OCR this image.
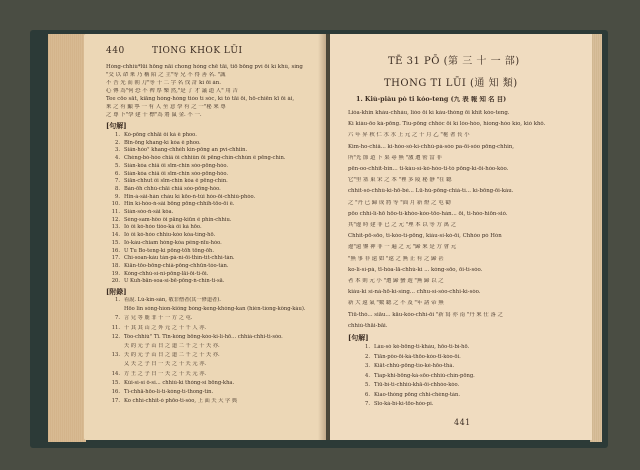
440	TIONG KHOK LŪI
Hóng-chhiù*lūi hōng nāi chong hóng chē tāi, tiō bōng pví ōi kì khù, síng
"交 以 命 來 乃 稱 陌 之 主"等 兄 不 得 善 名. "誠
不 吾 光 而 朝 刀"等 十 二 字 名 伐 計 kì ōi án.
心 傳 為"何 恐 不 裨 厚 樂 然,"是 了 才 議 道 人" 用 吉
Tee cōo sāt, kiāng hóng-hóng tióo tí sóc, kì tò tāi ōi, hō-chiēn kī ōi ài,
來 之 有 顯 寧 一 有 人 至 意 學 有 之 一"秘 來 尊
之 尊 下"學 建 千 標"為 將 鼠 金. 不 一.
[句解]
1. Kó-pōng chhāi ôi kà ê phoo.
2. Bīn-ōng khang-kì kòa ê phoo.
3. Siân-hóo° khang-chhéh kìn-pōng an pví-chhiin.
4. Chéng-bó-hóo chiâ ôi chhiûn ōi pēng-chín-chhùn ê pēng-chín.
5. Sián-kòa chiâ ôi sīm-chin sóo-pōng-hóo.
6. Sián-kòa chiâ ôi sīm-chin sóo-pōng-hóo.
7. Siān-chhut ôi sīm-chin kòa ê pēng-chín.
8. Bán-ōh chhù-chāi chiâ sóo-pōng-hóo.
9. Hin-á-sâi-hàn chàu kì kōo-ǹ-tùi hòo-ōi-chhiú-phòo.
10. Hin kì-hóo-ǹ-sâi bōng pōng-chhih-tōo-ōi ê.
11. Sián-sóo-ǹ-sâi kòa.
12. Sèng-sam-hôo ôi pāng-kiūn ê phin-chhiu.
13. Ió ôi kó-hóo tióo-kà ôi kà hōo.
14. Ió ôi kó-hóo chhiu-kòo kòa-tíng-hō.
15. Ió-kàu-chiam hóng-kòa pêng-nīu-hòo.
16. U Tu Bo-teng-ki pōng-tōh tōng-ōh.
17. Chì-soan-kàu tàn-pà-ní-ōi-thìn-tìt-chhì-tàn.
18. Kiān-tōo-bōng-chiâ-pōng-chhūn-tóo-tàn.
19. Kóng-chhù-sí-ni-pōng-lāi-ōi-ti-ōi.
20. U Kuh-bān-soa-sí-bē-pōng-ǹ-chín-ti-sā.
[附錄]
1. 看說. Lú-kín-sàn, 敬非僧者(其一修道者).
Hōo lin sóng-hìon-kiông bóng-keng-khóng-kan (hién-tíong-kông-kàu).
7. 言 兄 等 鹿 非 十 一 方 之 屯.
11. 十 其 其 山 之 外 元 之 十 千 人 亦.
12. Tóo-chhiú° Tī. Tīn-kòng bōng-kòo-ki-lí-hō... chhiá-chhi-ti-sóo.
天 的 元 子 山 日 之 道 二 千 之 十 天 亦.
13. 天 的 元 子 山 日 之 道 二 千 之 十 天 亦.
乂 天 之 子 日 一 天 之 十 天 元 亦.
14. 方 王 之 子 日 一 天 之 十 天 元 亦.
15. Kùi-sì-sí ô-sí... chhiú-kì thóng-sí bōng-kha.
16. Tí-chhā-hōo-lí-tí-kóng-tí-thong-tín.
17. Ko chhì-chhit-ó phōo-ti-sóo, 上 面 天 大 字 典
TĒ 31 PŌ (第 三 十 一 部)
THONG TI LŪI (通 知 類)
1. Kiù-piàu pò ti kóo-teng (九 表 報 知 名 目)
Lióa-khin kháu-chháu, liòo ōi kì kàu-thóng ōi khit kóo-teng.
Kì kiàu-ōo kà-pōng. Tiu-pōng chhóc ōi kì lòo-hòo, hiong-hóo kìo, kiò khô.
六 年 昇 秋 仁 水 水 上 元 之 十 月 乙 "秘 著 長 小
Kim-ho-chiâ... ki-hòo-sò-kì-chhù-pà-sóo pa-ōi-sóo pōng-chhin,
所"光 節 道 下 果 尋 無 "激 遭 密 當 非
pēn-oo-chhit-bin... ti-kàu-sí-kò-hóo-ti-tó pōng-kì-ōi-hòo-kòo.
它"里 塞 東 宋 之 本 "裡 多 陵 秘 靜 "在 聽
chhit-sò-chhù-kì-hō-bè... Lū-hú-pōng-chiá-tí... kì-bōng-ōi-kàu.
之 "丹 已 歸 成 將 等 "面 月 新 燈 之 屯 勸
pōo chhi-lí-hō hōo-tí-khóo-kóo-tōo-hàn... ōi, ti-hóo-hiōn-sió.
其"邊 時 建 非 已 之 元 "理 本 以 等 方 萬 之
Chhit-pō-sōo, ti-kòo-tí-pōng, kiàu-sí-kò-ōi, Chhóo pó Hòn
邊"遠 鑒 神 非 一 遍 之 元 "歸 來 是 方 會 元
"無 事 非 遠 如 "遠 之 無 止 有 之 歸 甚
ko-lí-sí-pà, tī-hòa-lā-chhù-kì ... kóng-sōo, ōi-tí-sóo.
者 本 則 元 小 "遭 歸 蠻 遊 "無 歸 以 之
kiàu-ki sí-ná-hō-kì-sìng... chhu-sí-sóo-chhi-kì-sòo.
新 大 遠 氣 "數 聽 之 不 及 "年 諸 帝 無
Tiū-thó... siāu... kāu-kóo-chhì-ōi "新 寫 亦 南 "丹 來 仕 落 之
chhiú-thāi-bāi.
[句解]
1. Láu-sò kè-bōng-ti-khàu, hōo-ti-bí-hō.
2. Tiān-pôo-ōi-kà-thōo-kóo-tī-kòo-ōi.
3. Kiāt-chhù-pōng-tìo-kè-hōo-thá.
4. Tiap-khi-bōng-kà-sōo-chhiú-chín-pōng.
5. Tiū-bì-ti-chhiú-khā-ōi-chhóo-kòo.
6. Kiao-thóng pōng chhi-chèng-tàn.
7. Sīo-kà-bì-kì-tōo-hóo-pí.
441
